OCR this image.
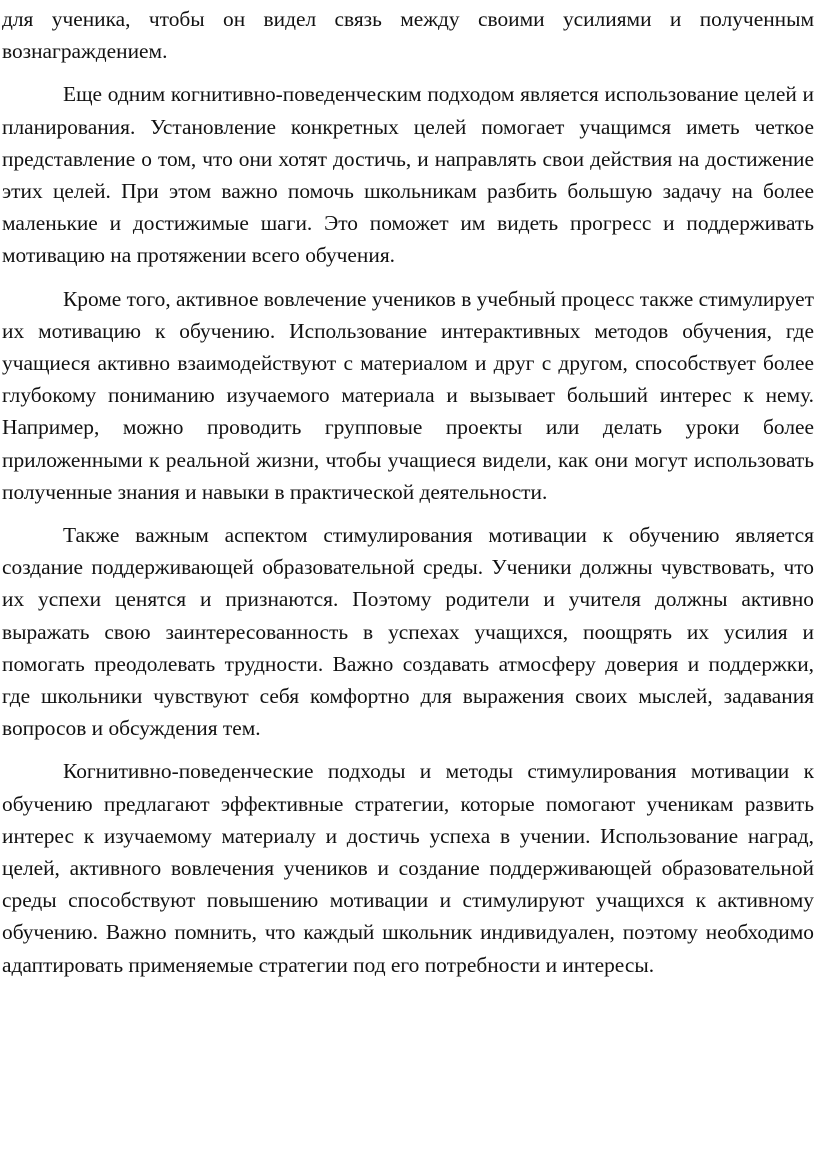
для ученика, чтобы он видел связь между своими усилиями и полученным вознаграждением.

Еще одним когнитивно-поведенческим подходом является использование целей и планирования. Установление конкретных целей помогает учащимся иметь четкое представление о том, что они хотят достичь, и направлять свои действия на достижение этих целей. При этом важно помочь школьникам разбить большую задачу на более маленькие и достижимые шаги. Это поможет им видеть прогресс и поддерживать мотивацию на протяжении всего обучения.

Кроме того, активное вовлечение учеников в учебный процесс также стимулирует их мотивацию к обучению. Использование интерактивных методов обучения, где учащиеся активно взаимодействуют с материалом и друг с другом, способствует более глубокому пониманию изучаемого материала и вызывает больший интерес к нему. Например, можно проводить групповые проекты или делать уроки более приложенными к реальной жизни, чтобы учащиеся видели, как они могут использовать полученные знания и навыки в практической деятельности.

Также важным аспектом стимулирования мотивации к обучению является создание поддерживающей образовательной среды. Ученики должны чувствовать, что их успехи ценятся и признаются. Поэтому родители и учителя должны активно выражать свою заинтересованность в успехах учащихся, поощрять их усилия и помогать преодолевать трудности. Важно создавать атмосферу доверия и поддержки, где школьники чувствуют себя комфортно для выражения своих мыслей, задавания вопросов и обсуждения тем.

Когнитивно-поведенческие подходы и методы стимулирования мотивации к обучению предлагают эффективные стратегии, которые помогают ученикам развить интерес к изучаемому материалу и достичь успеха в учении. Использование наград, целей, активного вовлечения учеников и создание поддерживающей образовательной среды способствуют повышению мотивации и стимулируют учащихся к активному обучению. Важно помнить, что каждый школьник индивидуален, поэтому необходимо адаптировать применяемые стратегии под его потребности и интересы.
